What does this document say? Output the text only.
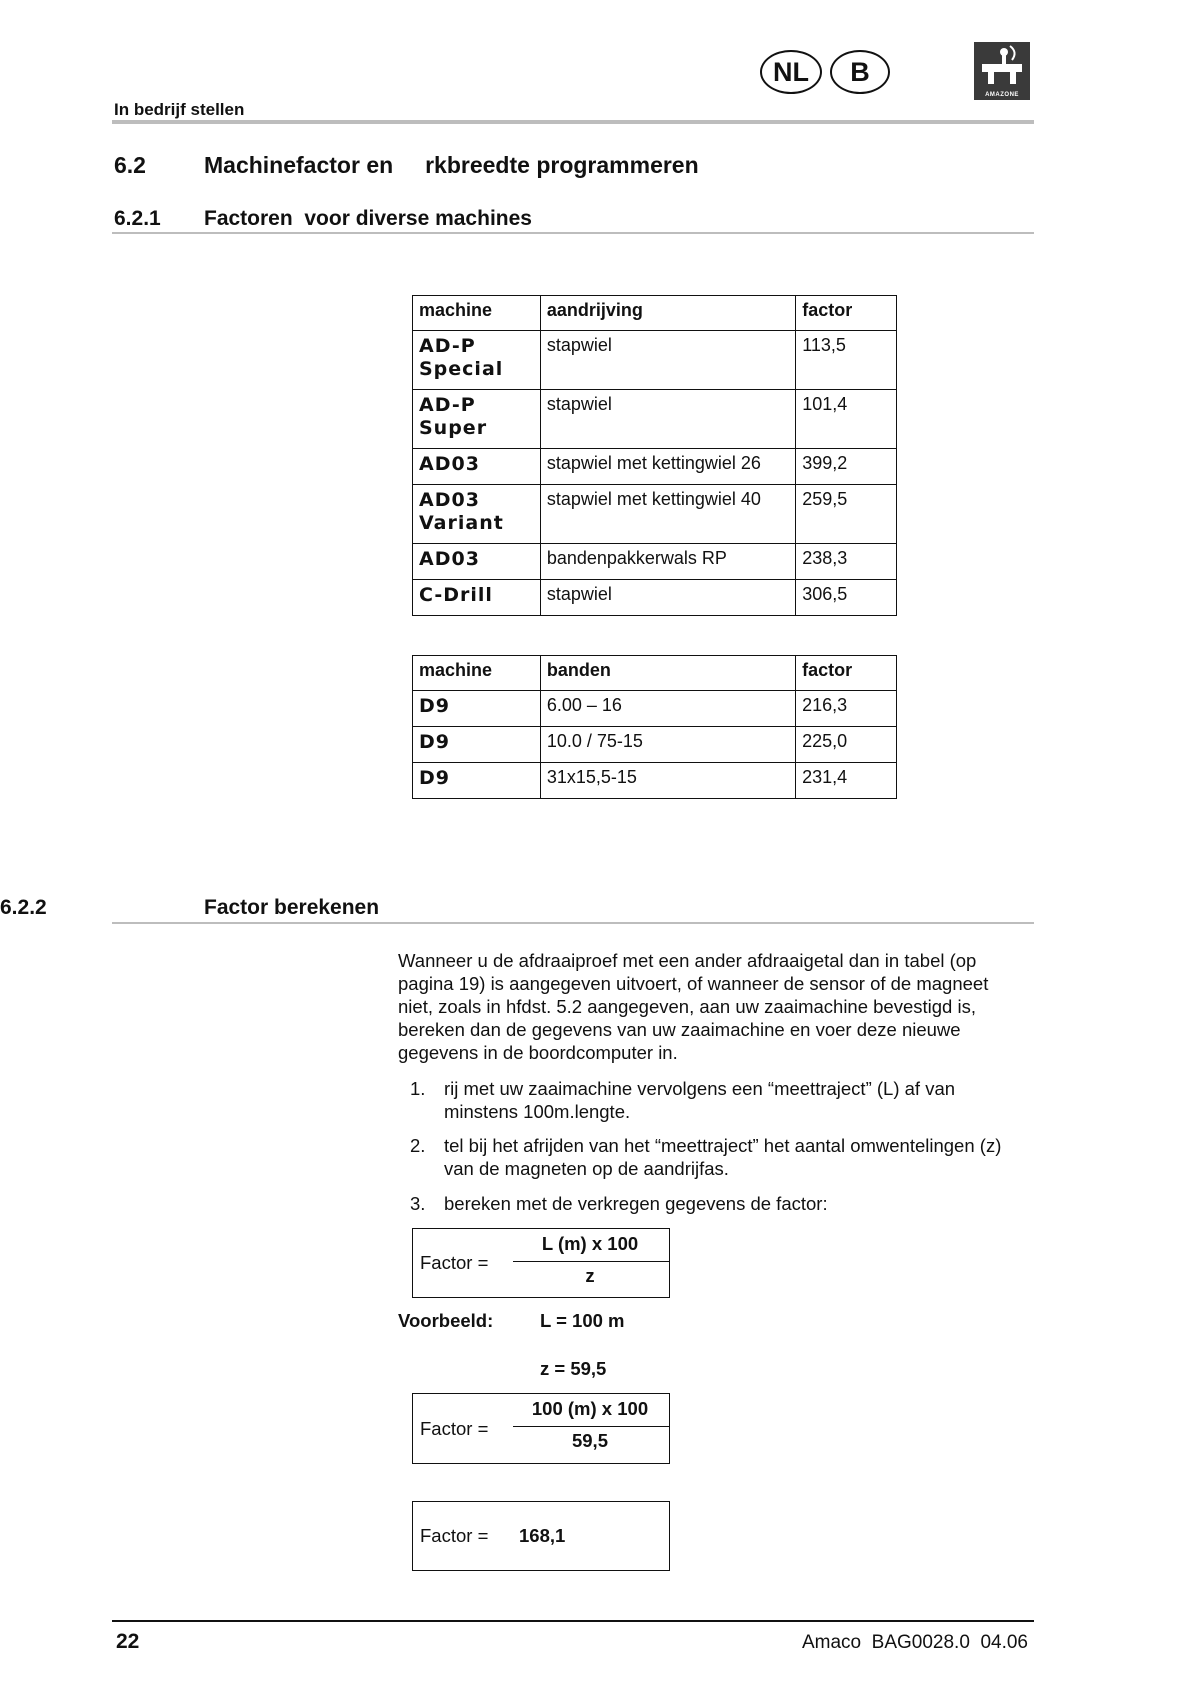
In bedrijf stellen
NL	B
AMAZONE
6.2	Machinefactor en     rkbreedte programmeren
6.2.1 Factoren  voor diverse machines
machine	aandrijving	factor
AD-P Special	stapwiel	113,5
AD-P Super	stapwiel	101,4
AD03	stapwiel met kettingwiel 26	399,2
AD03 Variant	stapwiel met kettingwiel 40	259,5
AD03	bandenpakkerwals RP	238,3
C-Drill	stapwiel	306,5
machine	banden	factor
D9	6.00 – 16	216,3
D9	10.0 / 75-15	225,0
D9	31x15,5-15	231,4
6.2.2	Factor berekenen
Wanneer u de afdraaiproef met een ander afdraaigetal dan in tabel (op pagina 19) is aangegeven uitvoert, of wanneer de sensor of de magneet niet, zoals in hfdst. 5.2 aangegeven, aan uw zaaimachine bevestigd is, bereken dan de gegevens van uw zaaimachine en voer deze nieuwe gegevens in de boordcomputer in.
1. rij met uw zaaimachine vervolgens een “meettraject” (L) af van minstens 100m.lengte.
2. tel bij het afrijden van het “meettraject” het aantal omwentelingen (z) van de magneten op de aandrijfas.
3. bereken met de verkregen gegevens de factor:
Factor =
L (m) x 100
z
Voorbeeld:	L = 100 m
z = 59,5
Factor =
100 (m) x 100
59,5
Factor = 168,1
22	Amaco  BAG0028.0  04.06
